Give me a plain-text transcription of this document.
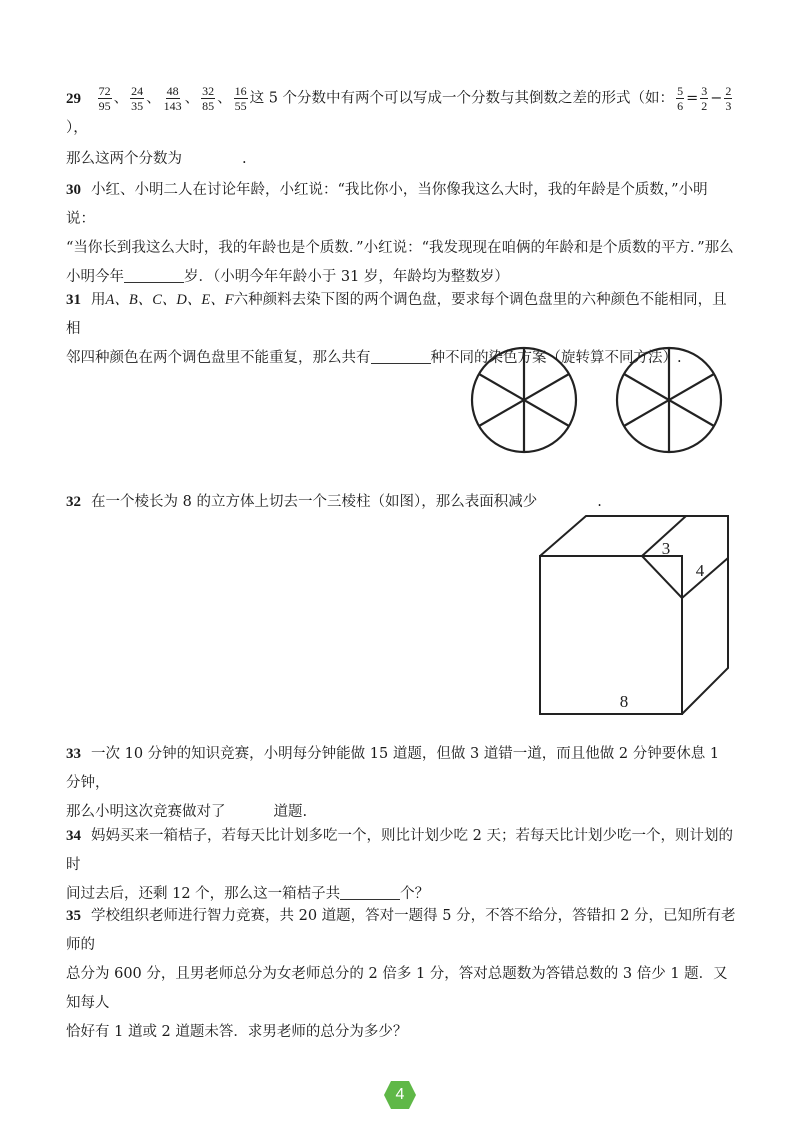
$29 \frac{72}{95}$ 、 $\frac{24}{35}$ 、 $\frac{48}{143}$ 、 $\frac{32}{85}$ 、 $\frac{16}{55}$ 这 5 个分数中有两个可以写成一个分数与其倒数之差的形式（如： $\frac{5}{6} = \frac{3}{2} - \frac{2}{3}$
），
那么这两个分数为	.
30 小红、小明二人在讨论年龄，小红说：“我比你小，当你像我这么大时，我的年龄是个质数，”小明说：
“当你长到我这么大时，我的年龄也是个质数．”小红说：“我发现现在咱俩的年龄和是个质数的平方．”那么
小明今年	岁．（小明今年年龄小于 31 岁，年龄均为整数岁）
31 用A、B、C、D、E、F六种颜料去染下图的两个调色盘，要求每个调色盘里的六种颜色不能相同，且相
邻四种颜色在两个调色盘里不能重复，那么共有	种不同的染色方案（旋转算不同方法）.
32 在一个棱长为 8 的立方体上切去一个三棱柱（如图），那么表面积减少	.
3
4
8
33 一次 10 分钟的知识竞赛，小明每分钟能做 15 道题，但做 3 道错一道，而且他做 2 分钟要休息 1 分钟，
那么小明这次竞赛做对了	道题.
34 妈妈买来一箱桔子，若每天比计划多吃一个，则比计划少吃 2 天；若每天比计划少吃一个，则计划的时
间过去后，还剩 12 个，那么这一箱桔子共	个？
35 学校组织老师进行智力竞赛，共 20 道题，答对一题得 5 分，不答不给分，答错扣 2 分，已知所有老师的
总分为 600 分，且男老师总分为女老师总分的 2 倍多 1 分，答对总题数为答错总数的 3 倍少 1 题．又知每人
恰好有 1 道或 2 道题未答．求男老师的总分为多少？
4
